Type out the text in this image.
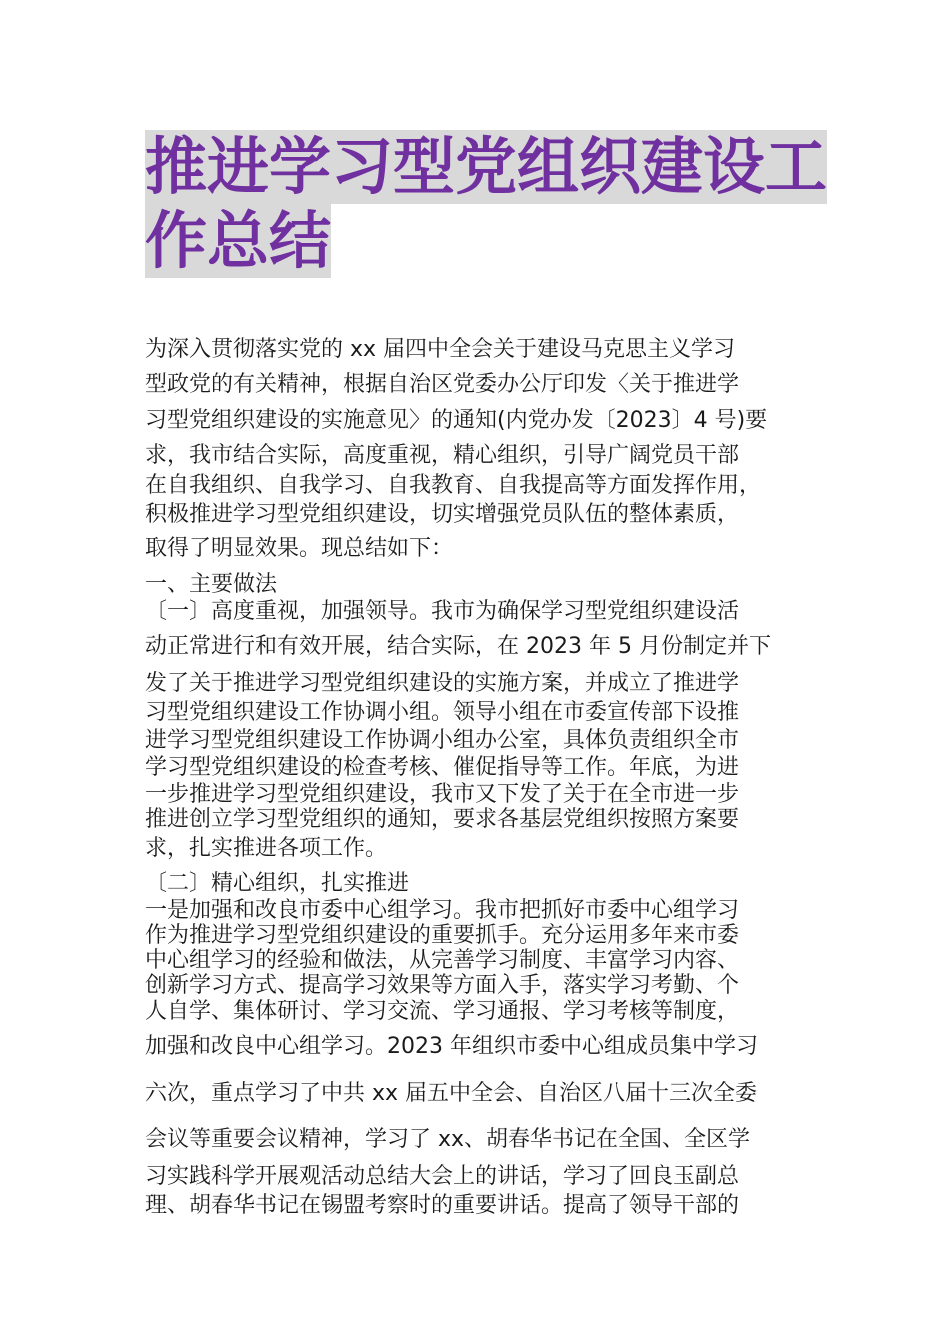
推进学习型党组织建设工
作总结
为深入贯彻落实党的 xx 届四中全会关于建设马克思主义学习
型政党的有关精神，根据自治区党委办公厅印发〈关于推进学
习型党组织建设的实施意见〉的通知(内党办发〔2023〕4 号)要
求，我市结合实际，高度重视，精心组织，引导广阔党员干部
在自我组织、自我学习、自我教育、自我提高等方面发挥作用，
积极推进学习型党组织建设，切实增强党员队伍的整体素质，
取得了明显效果。现总结如下：
一、主要做法
〔一〕高度重视，加强领导。我市为确保学习型党组织建设活
动正常进行和有效开展，结合实际，在 2023 年 5 月份制定并下
发了关于推进学习型党组织建设的实施方案，并成立了推进学
习型党组织建设工作协调小组。领导小组在市委宣传部下设推
进学习型党组织建设工作协调小组办公室，具体负责组织全市
学习型党组织建设的检查考核、催促指导等工作。年底，为进
一步推进学习型党组织建设，我市又下发了关于在全市进一步
推进创立学习型党组织的通知，要求各基层党组织按照方案要
求，扎实推进各项工作。
〔二〕精心组织，扎实推进
一是加强和改良市委中心组学习。我市把抓好市委中心组学习
作为推进学习型党组织建设的重要抓手。充分运用多年来市委
中心组学习的经验和做法，从完善学习制度、丰富学习内容、
创新学习方式、提高学习效果等方面入手，落实学习考勤、个
人自学、集体研讨、学习交流、学习通报、学习考核等制度，
加强和改良中心组学习。2023 年组织市委中心组成员集中学习
六次，重点学习了中共 xx 届五中全会、自治区八届十三次全委
会议等重要会议精神，学习了 xx、胡春华书记在全国、全区学
习实践科学开展观活动总结大会上的讲话，学习了回良玉副总
理、胡春华书记在锡盟考察时的重要讲话。提高了领导干部的
